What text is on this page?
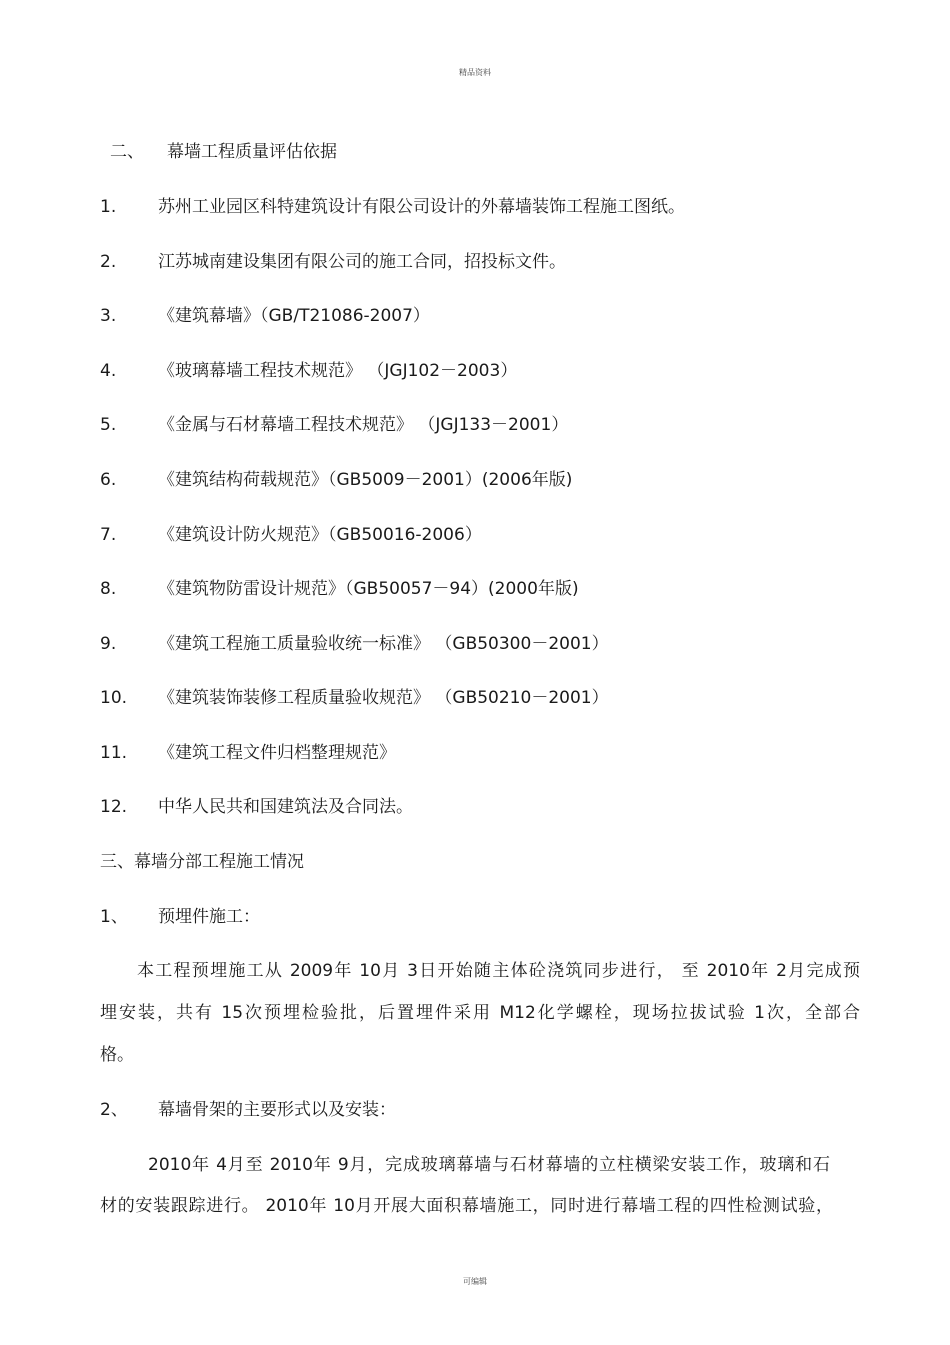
精品资料
二、 幕墙工程质量评估依据
1. 苏州工业园区科特建筑设计有限公司设计的外幕墙装饰工程施工图纸。
2. 江苏城南建设集团有限公司的施工合同，招投标文件。
3. 《建筑幕墙》（GB/T21086-2007）
4. 《玻璃幕墙工程技术规范》 （JGJ102－2003）
5. 《金属与石材幕墙工程技术规范》 （JGJ133－2001）
6. 《建筑结构荷载规范》（GB5009－2001）(2006年版)
7. 《建筑设计防火规范》（GB50016-2006）
8. 《建筑物防雷设计规范》（GB50057－94）(2000年版)
9. 《建筑工程施工质量验收统一标准》 （GB50300－2001）
10. 《建筑装饰装修工程质量验收规范》 （GB50210－2001）
11. 《建筑工程文件归档整理规范》
12. 中华人民共和国建筑法及合同法。
三、幕墙分部工程施工情况
1、 预埋件施工：
本工程预埋施工从 2009年 10月 3日开始随主体砼浇筑同步进行， 至 2010年 2月完成预
埋安装，共有 15次预埋检验批，后置埋件采用 M12化学螺栓，现场拉拔试验 1次，全部合
格。
2、 幕墙骨架的主要形式以及安装：
2010年 4月至 2010年 9月，完成玻璃幕墙与石材幕墙的立柱横梁安装工作，玻璃和石
材的安装跟踪进行。 2010年 10月开展大面积幕墙施工，同时进行幕墙工程的四性检测试验，
可编辑
